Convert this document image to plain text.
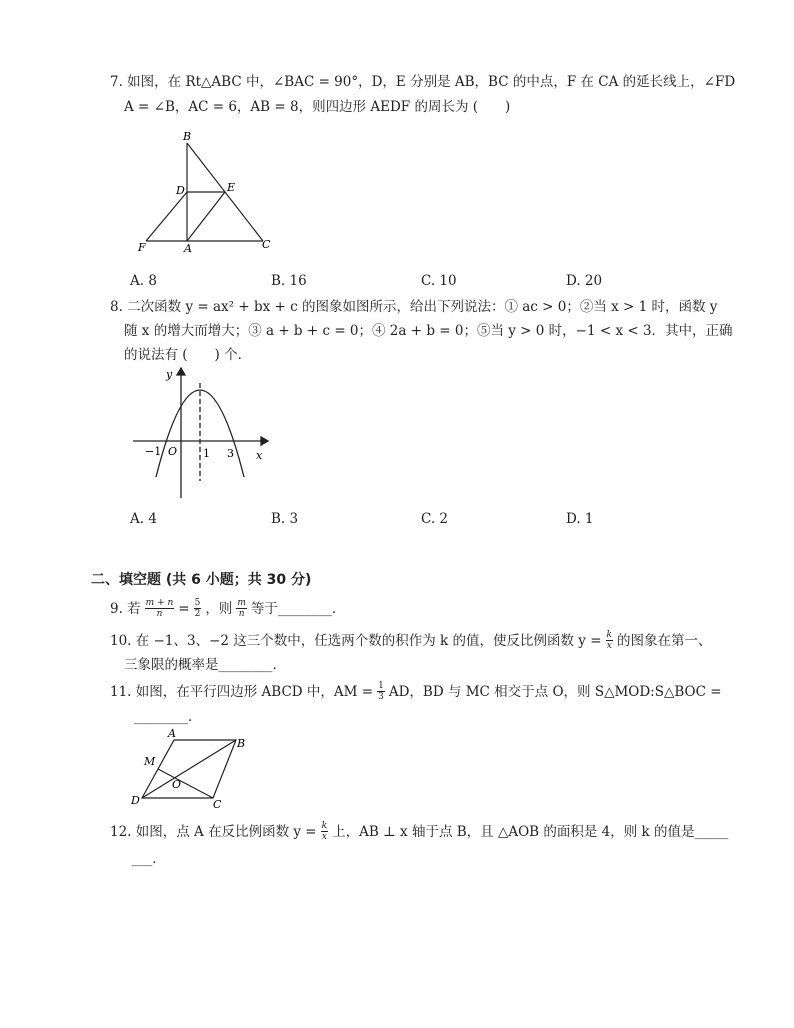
7. 如图，在 Rt△ABC 中，∠BAC = 90°，D，E 分别是 AB，BC 的中点，F 在 CA 的延长线上，∠FD
A = ∠B，AC = 6，AB = 8，则四边形 AEDF 的周长为 (　　)
B
D	E
F	A	C
A. 8	B. 16	C. 10	D. 20
8. 二次函数 y = ax² + bx + c 的图象如图所示，给出下列说法：① ac > 0；②当 x > 1 时，函数 y
随 x 的增大而增大；③ a + b + c = 0；④ 2a + b = 0；⑤当 y > 0 时，−1 < x < 3．其中，正确
的说法有 (　　) 个．
y
x
−1 O 1 3
A. 4	B. 3	C. 2	D. 1
二、填空题 (共 6 小题；共 30 分)
9. 若 $\frac{m + n}{n} = \frac{5}{2}$ ，则 $\frac{m}{n}$ 等于________．
10. 在 −1、3、−2 这三个数中，任选两个数的积作为 k 的值，使反比例函数 $y = \frac{k}{x}$ 的图象在第一、
三象限的概率是________．
11. 如图，在平行四边形 ABCD 中，AM = $\frac{1}{3}$ AD，BD 与 MC 相交于点 O，则 S△MOD:S△BOC =
________．
A
B
M
O
D	C
12. 如图，点 A 在反比例函数 $y = \frac{k}{x}$ 上，AB ⊥ x 轴于点 B，且 △AOB 的面积是 4，则 k 的值是_____
___．
